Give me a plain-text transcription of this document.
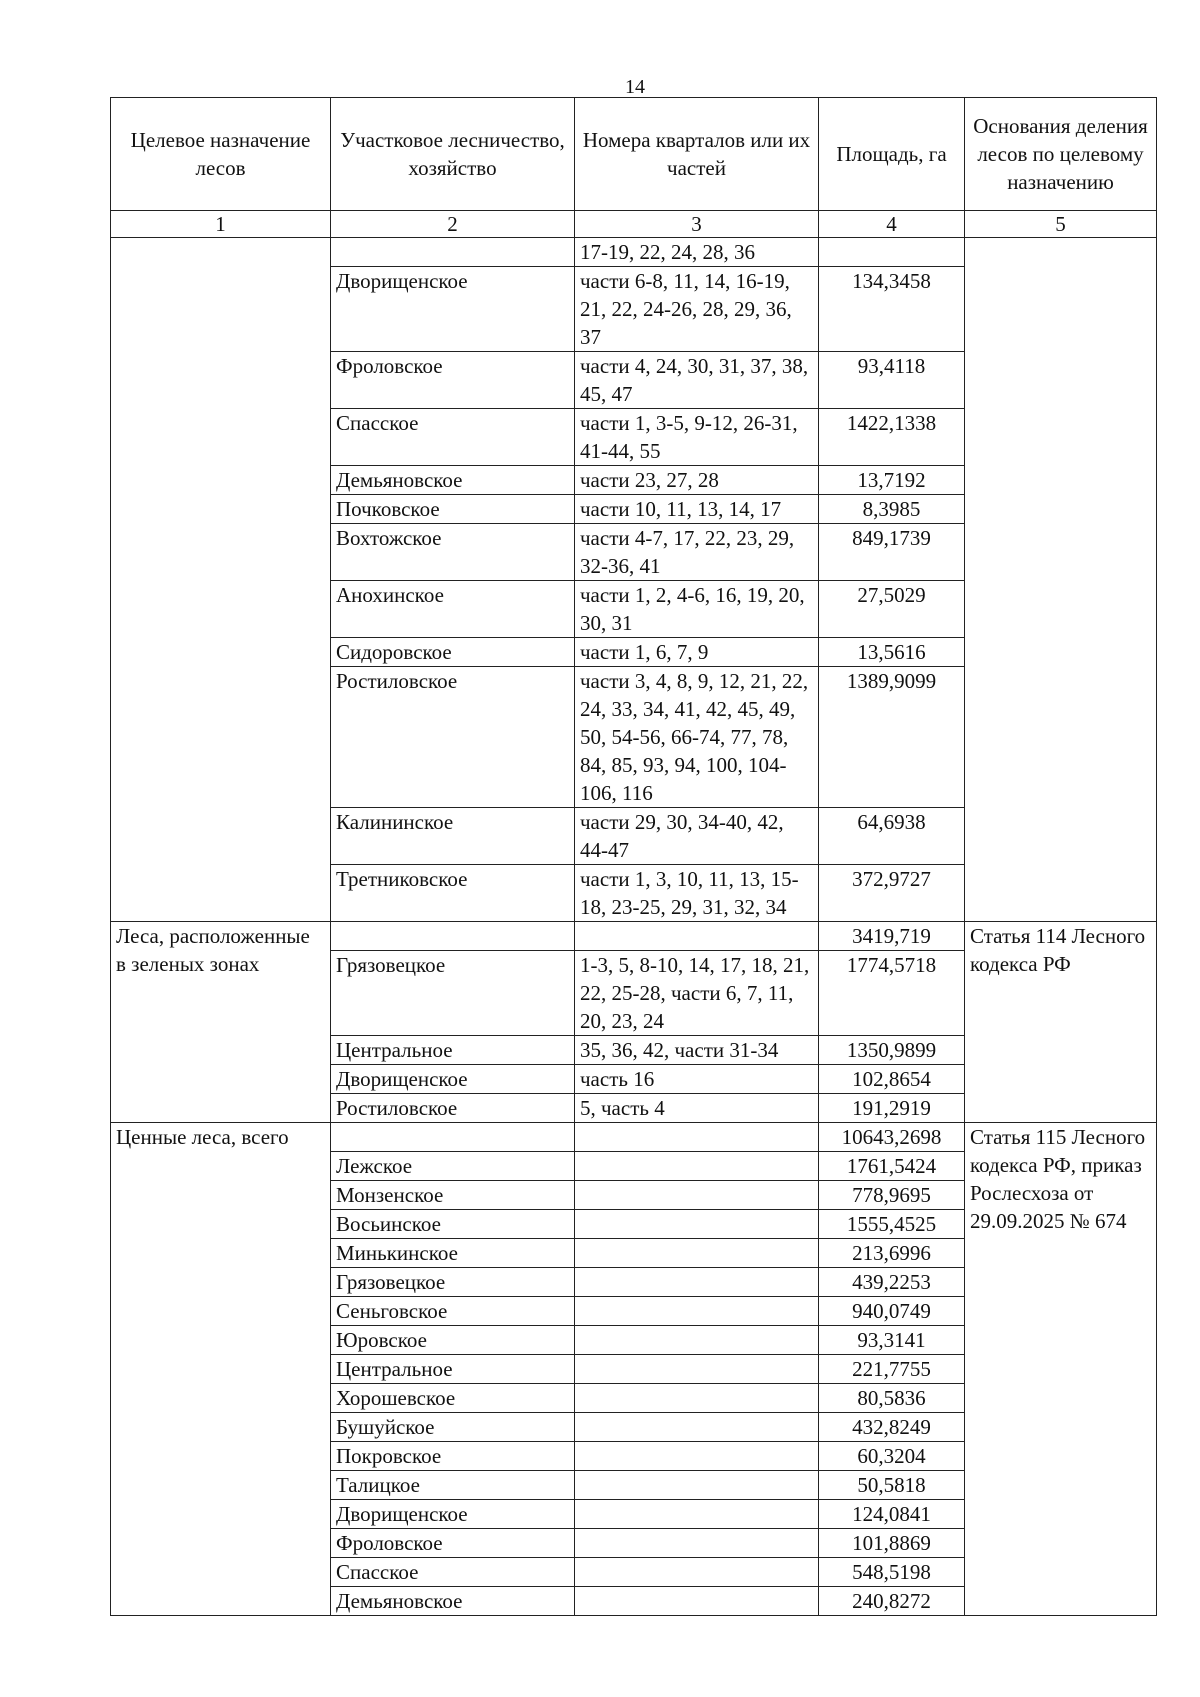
14
Целевое назначение лесов	Участковое лесничество, хозяйство	Номера кварталов или их частей	Площадь, га	Основания деления лесов по целевому назначению
1	2	3	4	5
		17-19, 22, 24, 28, 36		
	Дворищенское	части 6-8, 11, 14, 16-19, 21, 22, 24-26, 28, 29, 36, 37	134,3458	
	Фроловское	части 4, 24, 30, 31, 37, 38, 45, 47	93,4118	
	Спасское	части 1, 3-5, 9-12, 26-31, 41-44, 55	1422,1338	
	Демьяновское	части 23, 27, 28	13,7192	
	Почковское	части 10, 11, 13, 14, 17	8,3985	
	Вохтожское	части 4-7, 17, 22, 23, 29, 32-36, 41	849,1739	
	Анохинское	части 1, 2, 4-6, 16, 19, 20, 30, 31	27,5029	
	Сидоровское	части 1, 6, 7, 9	13,5616	
	Ростиловское	части 3, 4, 8, 9, 12, 21, 22, 24, 33, 34, 41, 42, 45, 49, 50, 54-56, 66-74, 77, 78, 84, 85, 93, 94, 100, 104-106, 116	1389,9099	
	Калининское	части 29, 30, 34-40, 42, 44-47	64,6938	
	Третниковское	части 1, 3, 10, 11, 13, 15-18, 23-25, 29, 31, 32, 34	372,9727	
Леса, расположенные в зеленых зонах			3419,719	Статья 114 Лесного кодекса РФ
	Грязовецкое	1-3, 5, 8-10, 14, 17, 18, 21, 22, 25-28, части 6, 7, 11, 20, 23, 24	1774,5718	
	Центральное	35, 36, 42, части 31-34	1350,9899	
	Дворищенское	часть 16	102,8654	
	Ростиловское	5, часть 4	191,2919	
Ценные леса, всего			10643,2698	Статья 115 Лесного кодекса РФ, приказ Рослесхоза от 29.09.2025 № 674
	Лежское		1761,5424	
	Монзенское		778,9695	
	Восьинское		1555,4525	
	Минькинское		213,6996	
	Грязовецкое		439,2253	
	Сеньговское		940,0749	
	Юровское		93,3141	
	Центральное		221,7755	
	Хорошевское		80,5836	
	Бушуйское		432,8249	
	Покровское		60,3204	
	Талицкое		50,5818	
	Дворищенское		124,0841	
	Фроловское		101,8869	
	Спасское		548,5198	
	Демьяновское		240,8272	
